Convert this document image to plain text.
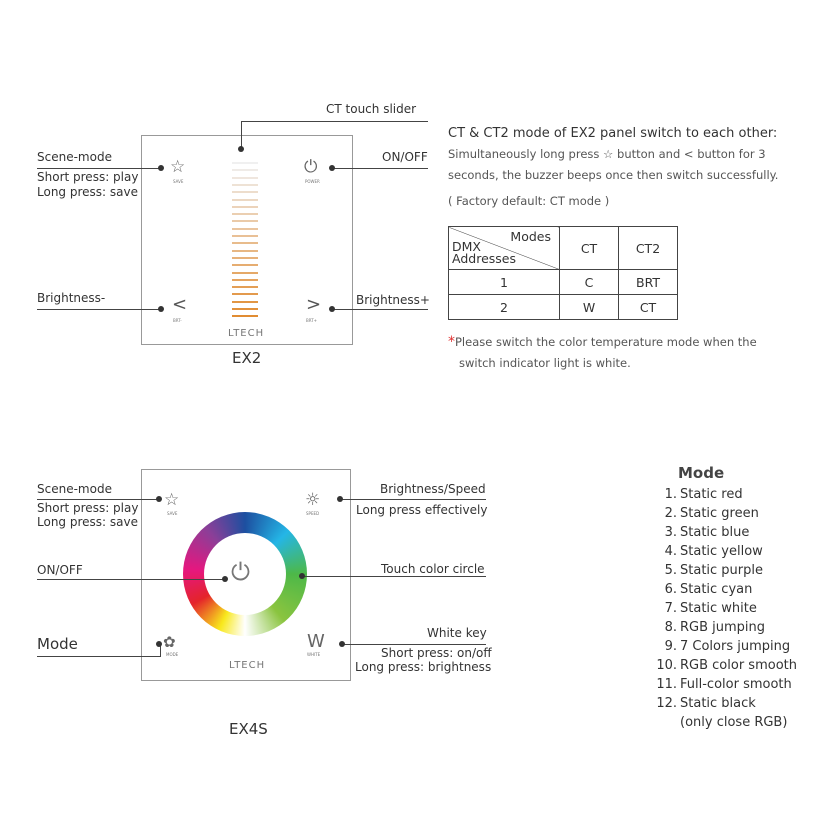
☆
SAVE
⏻
POWER
<
BRT-
>
BRT+
LTECH
EX2
CT touch slider
Scene-mode
Short press: play
Long press: save
ON/OFF
Brightness-	Brightness+
CT & CT2 mode of EX2 panel switch to each other:
Simultaneously long press ☆ button and < button for 3
seconds, the buzzer beeps once then switch successfully.
( Factory default: CT mode )
Modes
DMX
Addresses	CT	CT2
1	C	BRT
2	W	CT
*Please switch the color temperature mode when the
switch indicator light is white.
⏻
☆
SAVE
☼
SPEED
✿
MODE
W
WHITE
LTECH
EX4S
Scene-mode
Short press: play
Long press: save
Brightness/Speed
Long press effectively
ON/OFF	Touch color circle
Mode
White key
Short press: on/off
Long press: brightness
Mode
1. Static red
2. Static green
3. Static blue
4. Static yellow
5. Static purple
6. Static cyan
7. Static white
8. RGB jumping
9. 7 Colors jumping
10. RGB color smooth
11. Full-color smooth
12. Static black
(only close RGB)
